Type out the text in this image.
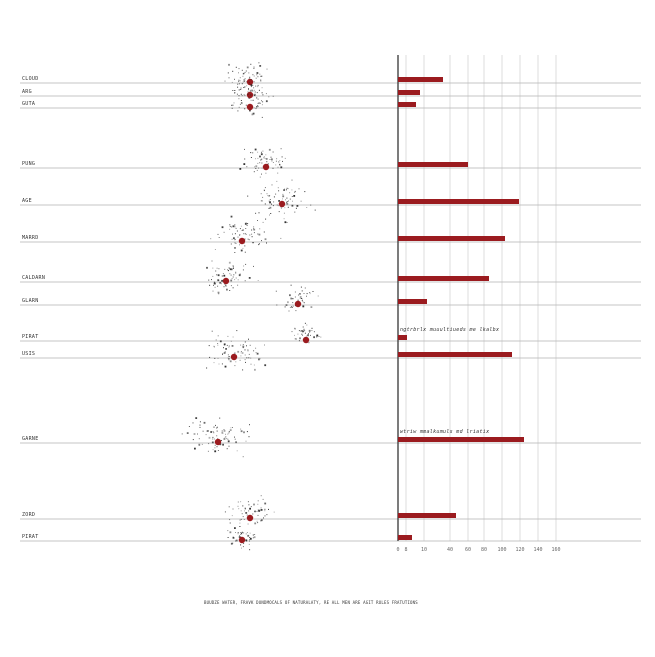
CLOUD
ARG
GUTA
PUNG
AGE
MARRD
CALDARN
GLARN
PIRAT
USIS
GARNE
ZORD
PIRAT
0 8	10	40 60 80 100 120 140 160
ngtrbrlx muuultiueds me lkalbx
wtriw mmalkumuls md lriatix
BUUDZE WATER, FRAVK DUNDMOCALS OF NATURALATY, RE ALL MEN ARE AGIT RULES FRATUTIONS
